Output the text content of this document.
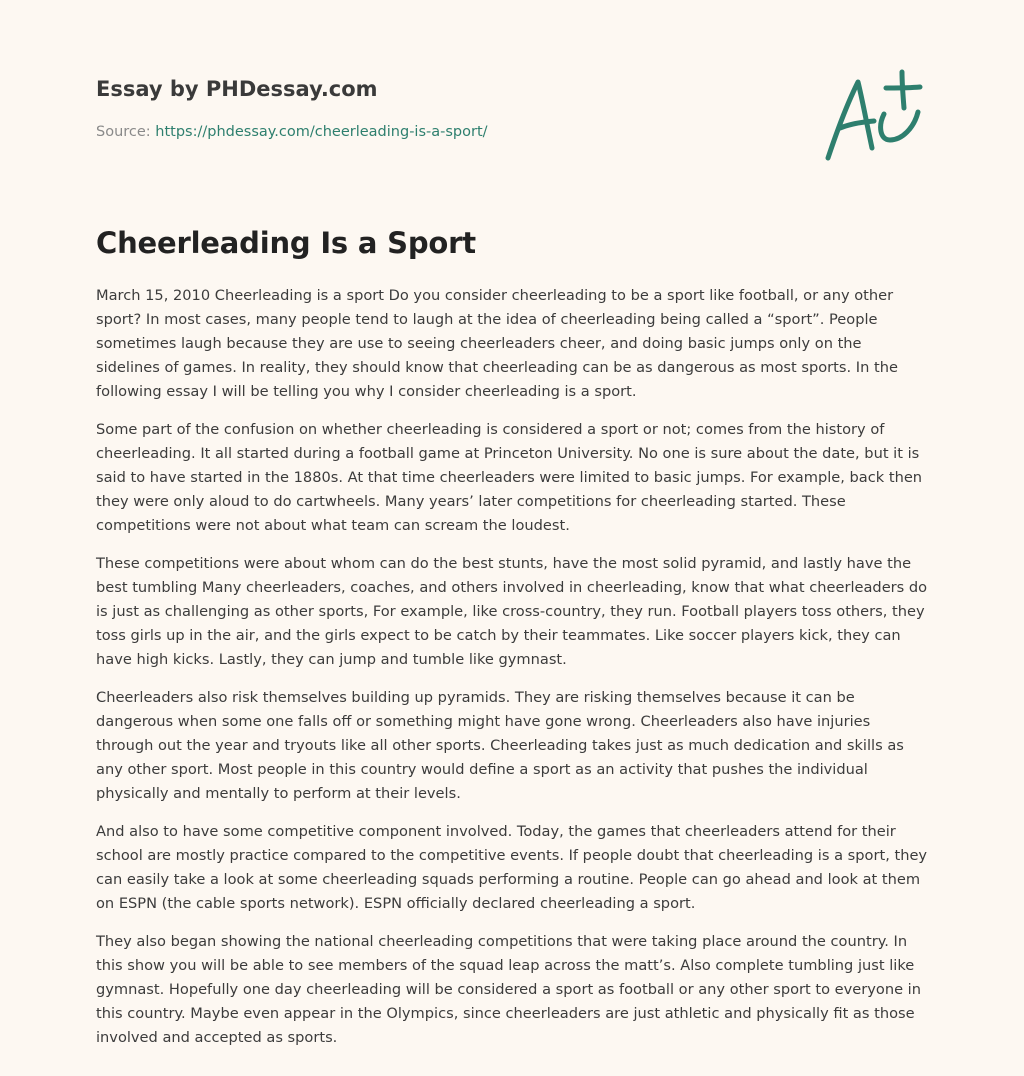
Essay by PHDessay.com

Source: https://phdessay.com/cheerleading-is-a-sport/

Cheerleading Is a Sport

March 15, 2010 Cheerleading is a sport Do you consider cheerleading to be a sport like football, or any other sport? In most cases, many people tend to laugh at the idea of cheerleading being called a “sport”. People sometimes laugh because they are use to seeing cheerleaders cheer, and doing basic jumps only on the sidelines of games. In reality, they should know that cheerleading can be as dangerous as most sports. In the following essay I will be telling you why I consider cheerleading is a sport.

Some part of the confusion on whether cheerleading is considered a sport or not; comes from the history of cheerleading. It all started during a football game at Princeton University. No one is sure about the date, but it is said to have started in the 1880s. At that time cheerleaders were limited to basic jumps. For example, back then they were only aloud to do cartwheels. Many years’ later competitions for cheerleading started. These competitions were not about what team can scream the loudest.

These competitions were about whom can do the best stunts, have the most solid pyramid, and lastly have the best tumbling Many cheerleaders, coaches, and others involved in cheerleading, know that what cheerleaders do is just as challenging as other sports, For example, like cross-country, they run. Football players toss others, they toss girls up in the air, and the girls expect to be catch by their teammates. Like soccer players kick, they can have high kicks. Lastly, they can jump and tumble like gymnast.

Cheerleaders also risk themselves building up pyramids. They are risking themselves because it can be dangerous when some one falls off or something might have gone wrong. Cheerleaders also have injuries through out the year and tryouts like all other sports. Cheerleading takes just as much dedication and skills as any other sport. Most people in this country would define a sport as an activity that pushes the individual physically and mentally to perform at their levels.

And also to have some competitive component involved. Today, the games that cheerleaders attend for their school are mostly practice compared to the competitive events. If people doubt that cheerleading is a sport, they can easily take a look at some cheerleading squads performing a routine. People can go ahead and look at them on ESPN (the cable sports network). ESPN officially declared cheerleading a sport.

They also began showing the national cheerleading competitions that were taking place around the country. In this show you will be able to see members of the squad leap across the matt’s. Also complete tumbling just like gymnast. Hopefully one day cheerleading will be considered a sport as football or any other sport to everyone in this country. Maybe even appear in the Olympics, since cheerleaders are just athletic and physically fit as those involved and accepted as sports.
